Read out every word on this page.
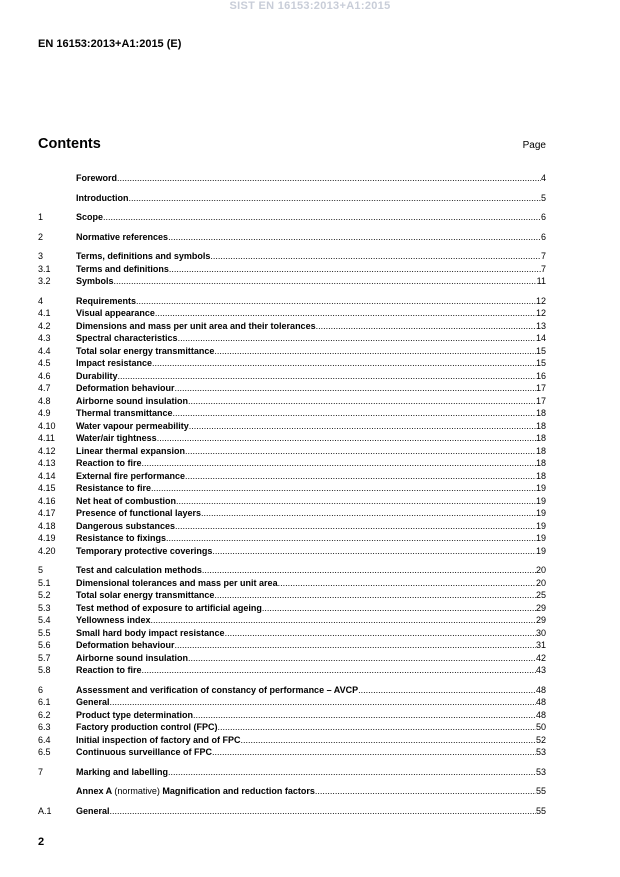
SIST EN 16153:2013+A1:2015
EN 16153:2013+A1:2015 (E)
Contents	Page
Foreword .....	4
Introduction .....	5
1	Scope .....	6
2	Normative references .....	6
3	Terms, definitions and symbols .....	7
3.1	Terms and definitions .....	7
3.2	Symbols .....	11
4	Requirements .....	12
4.1	Visual appearance .....	12
4.2	Dimensions and mass per unit area and their tolerances .....	13
4.3	Spectral characteristics .....	14
4.4	Total solar energy transmittance .....	15
4.5	Impact resistance .....	15
4.6	Durability .....	16
4.7	Deformation behaviour .....	17
4.8	Airborne sound insulation .....	17
4.9	Thermal transmittance .....	18
4.10	Water vapour permeability .....	18
4.11	Water/air tightness .....	18
4.12	Linear thermal expansion .....	18
4.13	Reaction to fire .....	18
4.14	External fire performance .....	18
4.15	Resistance to fire .....	19
4.16	Net heat of combustion .....	19
4.17	Presence of functional layers .....	19
4.18	Dangerous substances .....	19
4.19	Resistance to fixings .....	19
4.20	Temporary protective coverings .....	19
5	Test and calculation methods .....	20
5.1	Dimensional tolerances and mass per unit area .....	20
5.2	Total solar energy transmittance .....	25
5.3	Test method of exposure to artificial ageing .....	29
5.4	Yellowness index .....	29
5.5	Small hard body impact resistance .....	30
5.6	Deformation behaviour .....	31
5.7	Airborne sound insulation .....	42
5.8	Reaction to fire .....	43
6	Assessment and verification of constancy of performance – AVCP .....	48
6.1	General .....	48
6.2	Product type determination .....	48
6.3	Factory production control (FPC) .....	50
6.4	Initial inspection of factory and of FPC .....	52
6.5	Continuous surveillance of FPC .....	53
7	Marking and labelling .....	53
Annex A (normative) Magnification and reduction factors .....	55
A.1	General .....	55
2
